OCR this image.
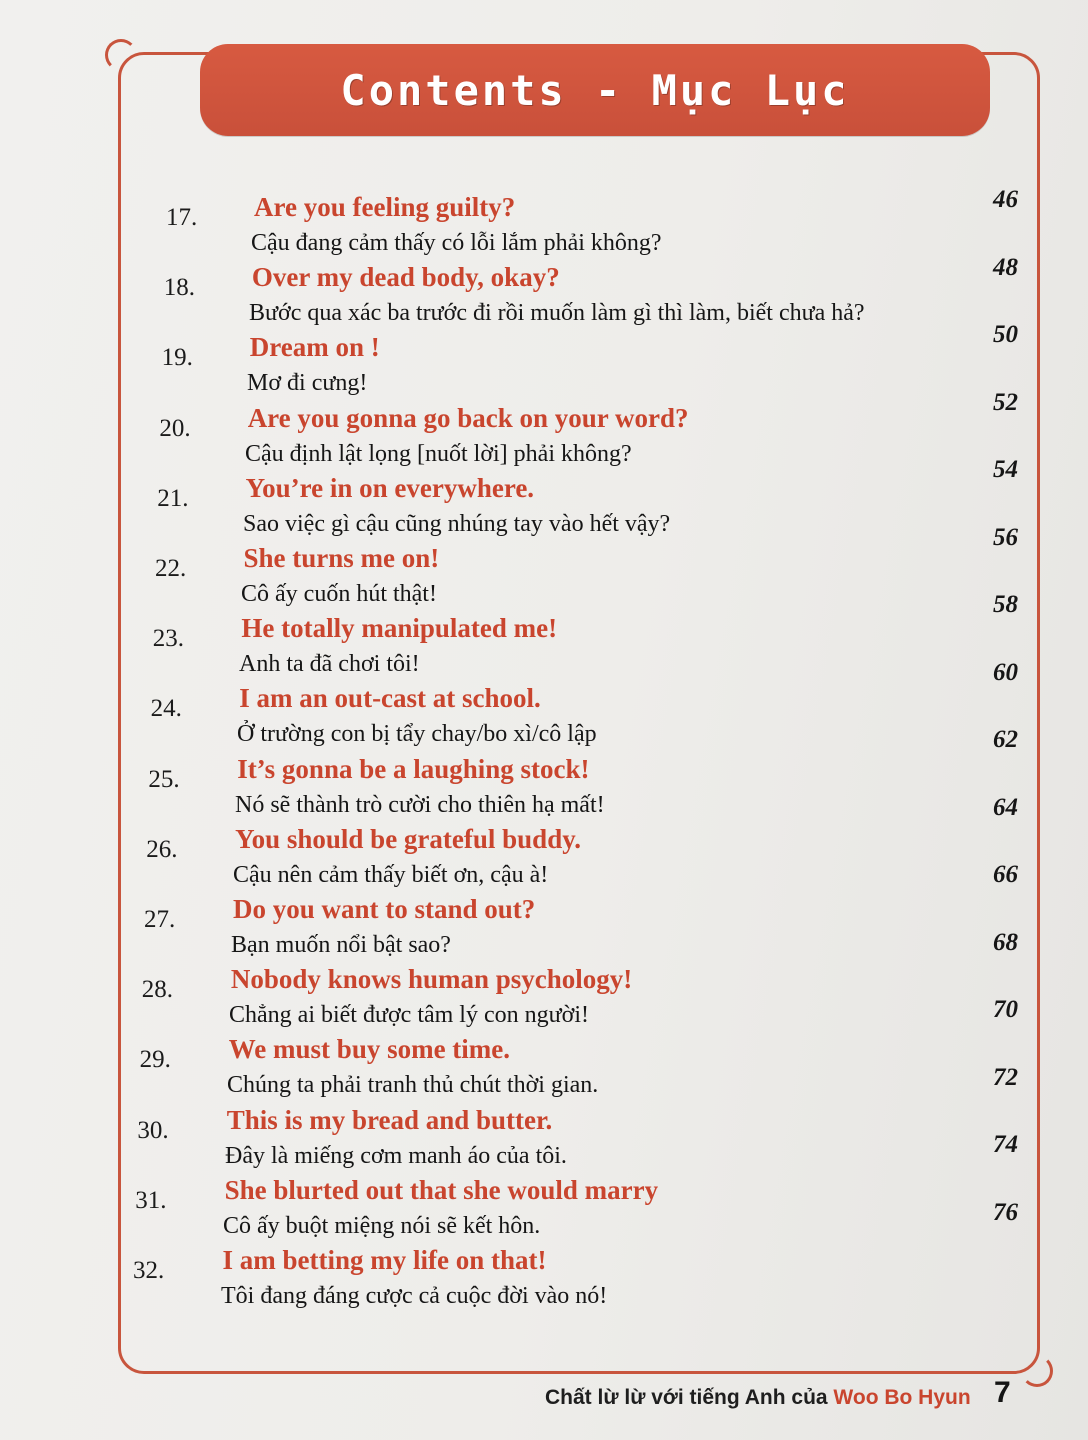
Contents - Mục Lục
17. Are you feeling guilty?
Cậu đang cảm thấy có lỗi lắm phải không?
46
18. Over my dead body, okay?
Bước qua xác ba trước đi rồi muốn làm gì thì làm, biết chưa hả?
48
19. Dream on !
Mơ đi cưng!
50
20. Are you gonna go back on your word?
Cậu định lật lọng [nuốt lời] phải không?
52
21. You’re in on everywhere.
Sao việc gì cậu cũng nhúng tay vào hết vậy?
54
22. She turns me on!
Cô ấy cuốn hút thật!
56
23. He totally manipulated me!
Anh ta đã chơi tôi!
58
24. I am an out-cast at school.
Ở trường con bị tẩy chay/bo xì/cô lập
60
25. It’s gonna be a laughing stock!
Nó sẽ thành trò cười cho thiên hạ mất!
62
26. You should be grateful buddy.
Cậu nên cảm thấy biết ơn, cậu à!
64
27. Do you want to stand out?
Bạn muốn nổi bật sao?
66
28. Nobody knows human psychology!
Chẳng ai biết được tâm lý con người!
68
29. We must buy some time.
Chúng ta phải tranh thủ chút thời gian.
70
30. This is my bread and butter.
Đây là miếng cơm manh áo của tôi.
72
31. She blurted out that she would marry
Cô ấy buột miệng nói sẽ kết hôn.
74
32. I am betting my life on that!
Tôi đang đáng cược cả cuộc đời vào nó!
76
Chất lừ lừ với tiếng Anh của Woo Bo Hyun 7
